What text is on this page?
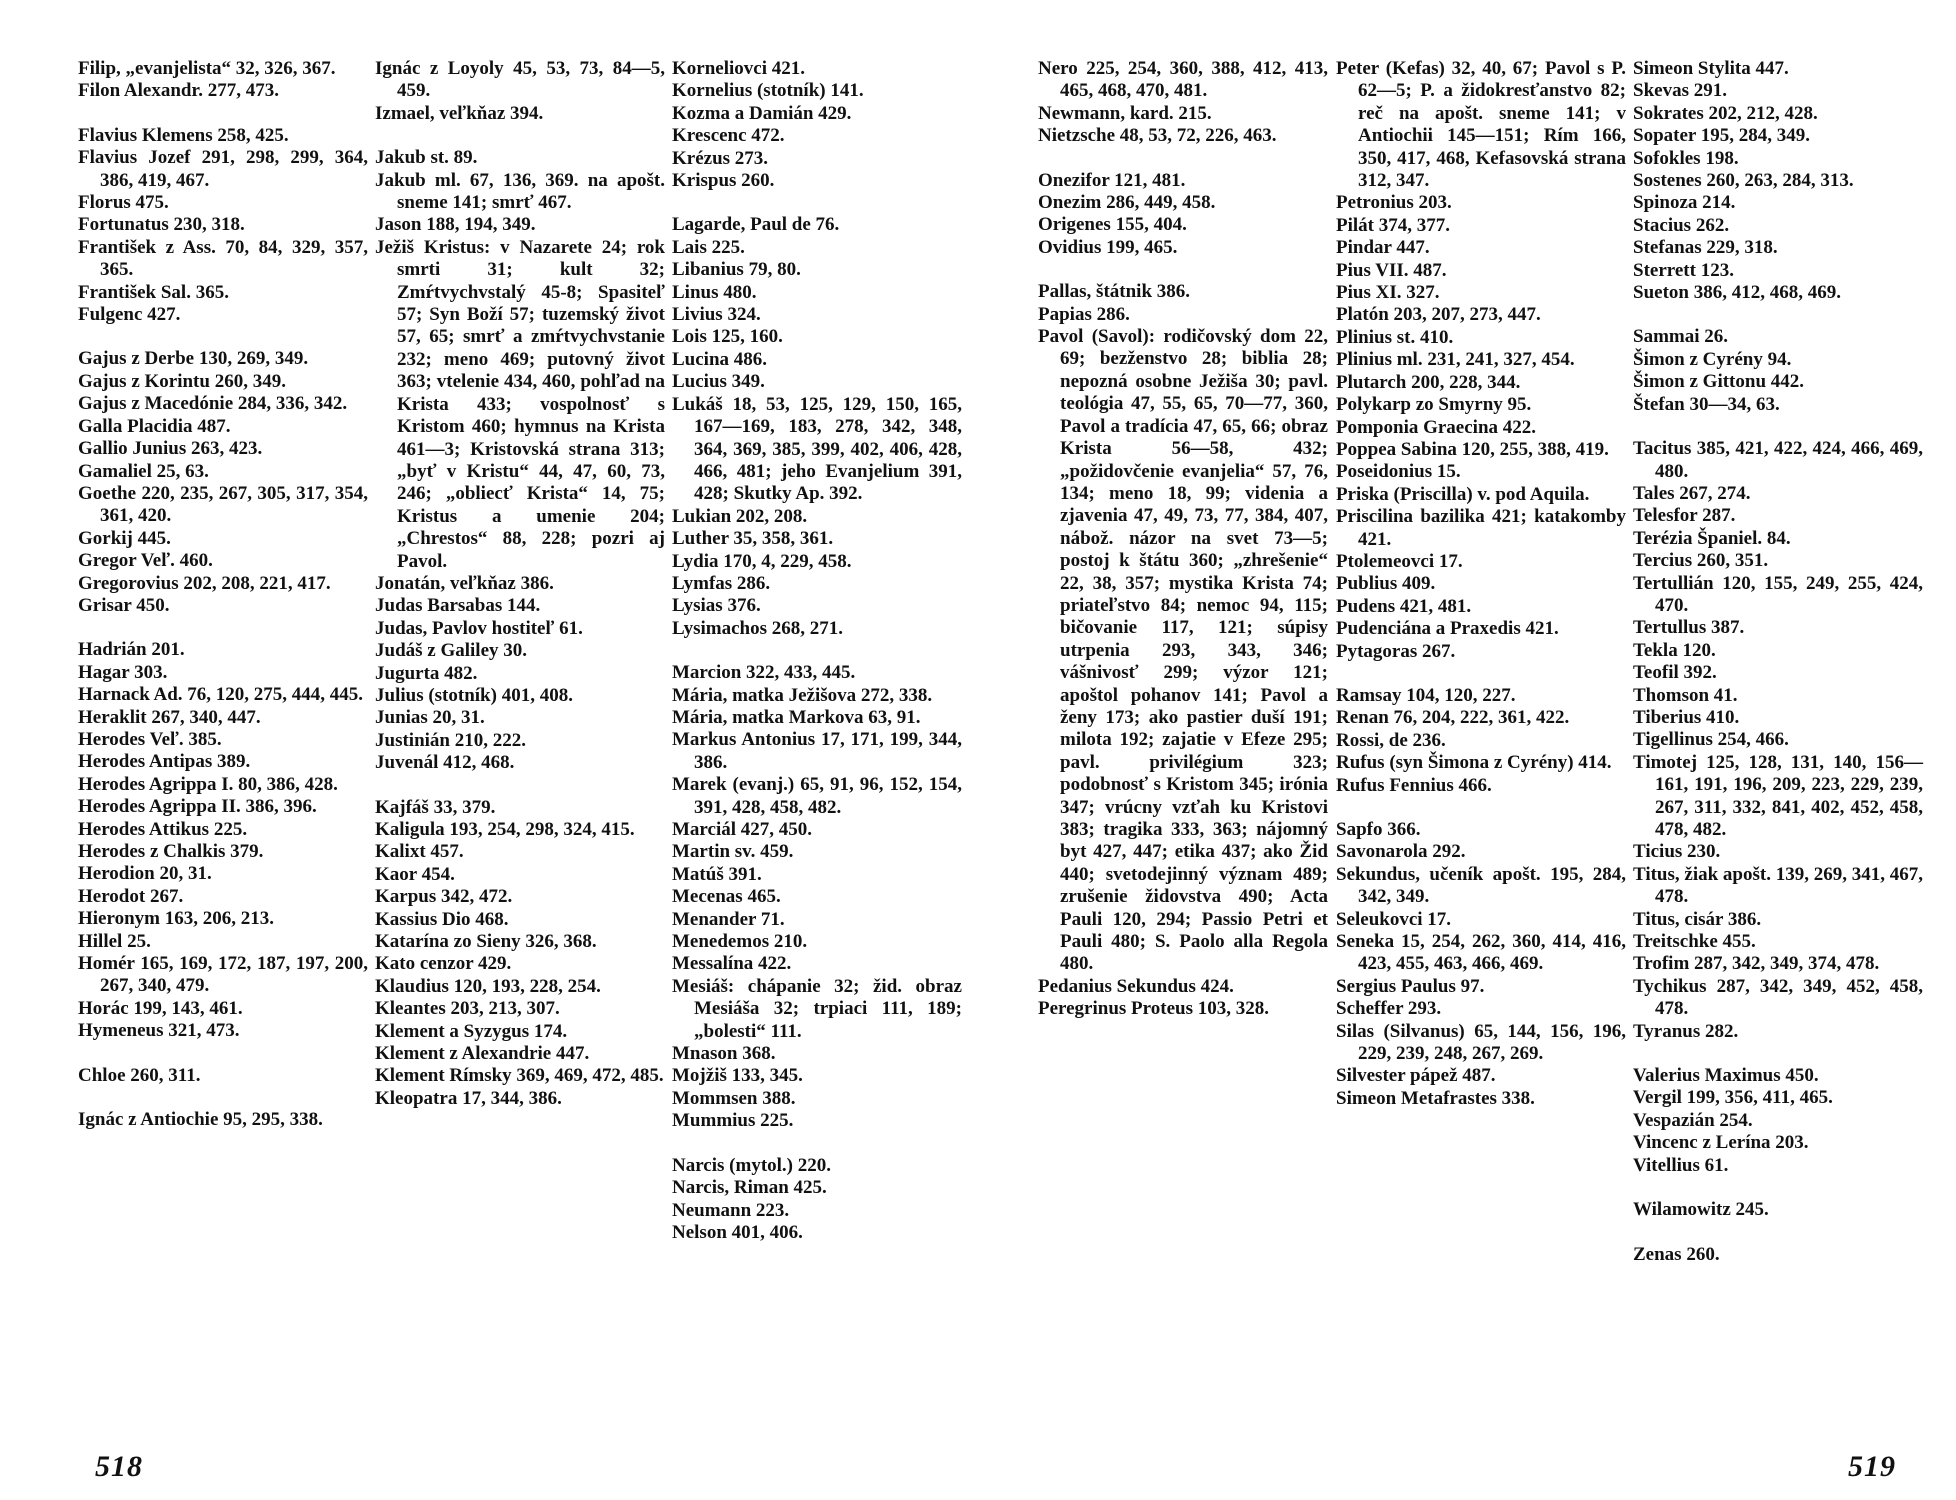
Filip, „evanjelista“ 32, 326, 367.
Filon Alexandr. 277, 473.
Flavius Klemens 258, 425.
Flavius Jozef 291, 298, 299, 364, 386, 419, 467.
Florus 475.
Fortunatus 230, 318.
František z Ass. 70, 84, 329, 357, 365.
František Sal. 365.
Fulgenc 427.
Gajus z Derbe 130, 269, 349.
Gajus z Korintu 260, 349.
Gajus z Macedónie 284, 336, 342.
Galla Placidia 487.
Gallio Junius 263, 423.
Gamaliel 25, 63.
Goethe 220, 235, 267, 305, 317, 354, 361, 420.
Gorkij 445.
Gregor Veľ. 460.
Gregorovius 202, 208, 221, 417.
Grisar 450.
Hadrián 201.
Hagar 303.
Harnack Ad. 76, 120, 275, 444, 445.
Heraklit 267, 340, 447.
Herodes Veľ. 385.
Herodes Antipas 389.
Herodes Agrippa I. 80, 386, 428.
Herodes Agrippa II. 386, 396.
Herodes Attikus 225.
Herodes z Chalkis 379.
Herodion 20, 31.
Herodot 267.
Hieronym 163, 206, 213.
Hillel 25.
Homér 165, 169, 172, 187, 197, 200, 267, 340, 479.
Horác 199, 143, 461.
Hymeneus 321, 473.
Chloe 260, 311.
Ignác z Antiochie 95, 295, 338.
Ignác z Loyoly 45, 53, 73, 84—5, 459.
Izmael, veľkňaz 394.
Jakub st. 89.
Jakub ml. 67, 136, 369. na apošt. sneme 141; smrť 467.
Jason 188, 194, 349.
Ježiš Kristus: v Nazarete 24; rok smrti 31; kult 32; Zmŕtvychvstalý 45-8; Spasiteľ 57; Syn Boží 57; tuzemský život 57, 65; smrť a zmŕtvychvstanie 232; meno 469; putovný život 363; vtelenie 434, 460, pohľad na Krista 433; vospolnosť s Kristom 460; hymnus na Krista 461—3; Kristovská strana 313; „byť v Kristu“ 44, 47, 60, 73, 246; „obliecť Krista“ 14, 75; Kristus a umenie 204; „Chrestos“ 88, 228; pozri aj Pavol.
Jonatán, veľkňaz 386.
Judas Barsabas 144.
Judas, Pavlov hostiteľ 61.
Judáš z Galiley 30.
Jugurta 482.
Julius (stotník) 401, 408.
Junias 20, 31.
Justinián 210, 222.
Juvenál 412, 468.
Kajfáš 33, 379.
Kaligula 193, 254, 298, 324, 415.
Kalixt 457.
Kaor 454.
Karpus 342, 472.
Kassius Dio 468.
Katarína zo Sieny 326, 368.
Kato cenzor 429.
Klaudius 120, 193, 228, 254.
Kleantes 203, 213, 307.
Klement a Syzygus 174.
Klement z Alexandrie 447.
Klement Rímsky 369, 469, 472, 485.
Kleopatra 17, 344, 386.
Korneliovci 421.
Kornelius (stotník) 141.
Kozma a Damián 429.
Krescenc 472.
Krézus 273.
Krispus 260.
Lagarde, Paul de 76.
Lais 225.
Libanius 79, 80.
Linus 480.
Livius 324.
Lois 125, 160.
Lucina 486.
Lucius 349.
Lukáš 18, 53, 125, 129, 150, 165, 167—169, 183, 278, 342, 348, 364, 369, 385, 399, 402, 406, 428, 466, 481; jeho Evanjelium 391, 428; Skutky Ap. 392.
Lukian 202, 208.
Luther 35, 358, 361.
Lydia 170, 4, 229, 458.
Lymfas 286.
Lysias 376.
Lysimachos 268, 271.
Marcion 322, 433, 445.
Mária, matka Ježišova 272, 338.
Mária, matka Markova 63, 91.
Markus Antonius 17, 171, 199, 344, 386.
Marek (evanj.) 65, 91, 96, 152, 154, 391, 428, 458, 482.
Marciál 427, 450.
Martin sv. 459.
Matúš 391.
Mecenas 465.
Menander 71.
Menedemos 210.
Messalína 422.
Mesiáš: chápanie 32; žid. obraz Mesiáša 32; trpiaci 111, 189; „bolesti“ 111.
Mnason 368.
Mojžiš 133, 345.
Mommsen 388.
Mummius 225.
Narcis (mytol.) 220.
Narcis, Riman 425.
Neumann 223.
Nelson 401, 406.
518
Nero 225, 254, 360, 388, 412, 413, 465, 468, 470, 481.
Newmann, kard. 215.
Nietzsche 48, 53, 72, 226, 463.
Onezifor 121, 481.
Onezim 286, 449, 458.
Origenes 155, 404.
Ovidius 199, 465.
Pallas, štátnik 386.
Papias 286.
Pavol (Savol): rodičovský dom 22, 69; bezženstvo 28; biblia 28; nepozná osobne Ježiša 30; pavl. teológia 47, 55, 65, 70—77, 360, Pavol a tradícia 47, 65, 66; obraz Krista 56—58, 432; „požidovčenie evanjelia“ 57, 76, 134; meno 18, 99; videnia a zjavenia 47, 49, 73, 77, 384, 407, nábož. názor na svet 73—5; postoj k štátu 360; „zhrešenie“ 22, 38, 357; mystika Krista 74; priateľstvo 84; nemoc 94, 115; bičovanie 117, 121; súpisy utrpenia 293, 343, 346; vášnivosť 299; výzor 121; apoštol pohanov 141; Pavol a ženy 173; ako pastier duší 191; milota 192; zajatie v Efeze 295; pavl. privilégium 323; podobnosť s Kristom 345; irónia 347; vrúcny vzťah ku Kristovi 383; tragika 333, 363; nájomný byt 427, 447; etika 437; ako Žid 440; svetodejinný význam 489; zrušenie židovstva 490; Acta Pauli 120, 294; Passio Petri et Pauli 480; S. Paolo alla Regola 480.
Pedanius Sekundus 424.
Peregrinus Proteus 103, 328.
Peter (Kefas) 32, 40, 67; Pavol s P. 62—5; P. a židokresťanstvo 82; reč na apošt. sneme 141; v Antiochii 145—151; Rím 166, 350, 417, 468, Kefasovská strana 312, 347.
Petronius 203.
Pilát 374, 377.
Pindar 447.
Pius VII. 487.
Pius XI. 327.
Platón 203, 207, 273, 447.
Plinius st. 410.
Plinius ml. 231, 241, 327, 454.
Plutarch 200, 228, 344.
Polykarp zo Smyrny 95.
Pomponia Graecina 422.
Poppea Sabina 120, 255, 388, 419.
Poseidonius 15.
Priska (Priscilla) v. pod Aquila.
Priscilina bazilika 421; katakomby 421.
Ptolemeovci 17.
Publius 409.
Pudens 421, 481.
Pudenciána a Praxedis 421.
Pytagoras 267.
Ramsay 104, 120, 227.
Renan 76, 204, 222, 361, 422.
Rossi, de 236.
Rufus (syn Šimona z Cyrény) 414.
Rufus Fennius 466.
Sapfo 366.
Savonarola 292.
Sekundus, učeník apošt. 195, 284, 342, 349.
Seleukovci 17.
Seneka 15, 254, 262, 360, 414, 416, 423, 455, 463, 466, 469.
Sergius Paulus 97.
Scheffer 293.
Silas (Silvanus) 65, 144, 156, 196, 229, 239, 248, 267, 269.
Silvester pápež 487.
Simeon Metafrastes 338.
Simeon Stylita 447.
Skevas 291.
Sokrates 202, 212, 428.
Sopater 195, 284, 349.
Sofokles 198.
Sostenes 260, 263, 284, 313.
Spinoza 214.
Stacius 262.
Stefanas 229, 318.
Sterrett 123.
Sueton 386, 412, 468, 469.
Sammai 26.
Šimon z Cyrény 94.
Šimon z Gittonu 442.
Štefan 30—34, 63.
Tacitus 385, 421, 422, 424, 466, 469, 480.
Tales 267, 274.
Telesfor 287.
Terézia Španiel. 84.
Tercius 260, 351.
Tertullián 120, 155, 249, 255, 424, 470.
Tertullus 387.
Tekla 120.
Teofil 392.
Thomson 41.
Tiberius 410.
Tigellinus 254, 466.
Timotej 125, 128, 131, 140, 156—161, 191, 196, 209, 223, 229, 239, 267, 311, 332, 841, 402, 452, 458, 478, 482.
Ticius 230.
Titus, žiak apošt. 139, 269, 341, 467, 478.
Titus, cisár 386.
Treitschke 455.
Trofim 287, 342, 349, 374, 478.
Tychikus 287, 342, 349, 452, 458, 478.
Tyranus 282.
Valerius Maximus 450.
Vergil 199, 356, 411, 465.
Vespazián 254.
Vincenc z Lerína 203.
Vitellius 61.
Wilamowitz 245.
Zenas 260.
519
